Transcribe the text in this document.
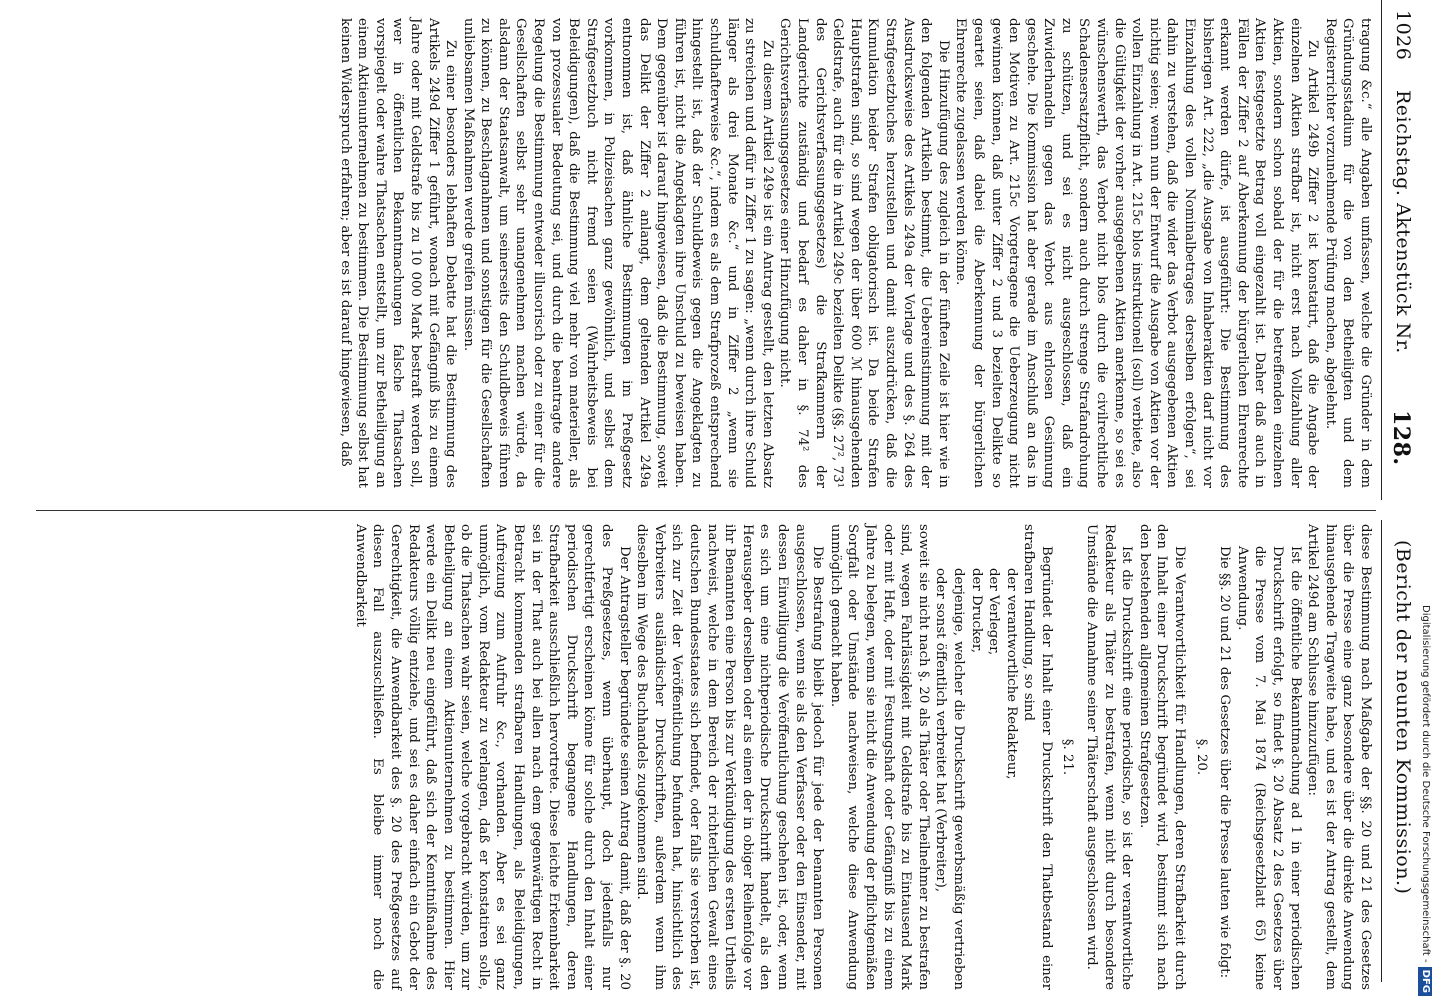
1026
Reichstag. Aktenstück Nr.
128.
(Bericht der neunten Kommission.)

tragung &c.“ alle Angaben umfassen, welche die Gründer in dem Gründungsstadium für die von den Betheiligten und dem Registerrichter vorzunehmende Prüfung machen, abgelehnt.

Zu Artikel 249b Ziffer 2 ist konstatirt, daß die Angabe der einzelnen Aktien strafbar ist, nicht erst nach Vollzahlung aller Aktien, sondern schon sobald der für die betreffenden einzelnen Aktien festgesetzte Betrag voll eingezahlt ist. Daher daß auch in Fällen der Ziffer 2 auf Aberkennung der bürgerlichen Ehrenrechte erkannt werden dürfe, ist ausgeführt: Die Bestimmung des bisherigen Art. 222, „die Ausgabe von Inhaberaktien darf nicht vor Einzahlung des vollen Nominalbetrages derselben erfolgen“, sei dahin zu verstehen, daß die wider das Verbot ausgegebenen Aktien nichtig seien; wenn nun der Entwurf die Ausgabe von Aktien vor der vollen Einzahlung in Art. 215c blos instruktionell (soll) verbiete, also die Gültigkeit der vorher ausgegebenen Aktien anerkenne, so sei es wünschenswerth, das Verbot nicht blos durch die civilrechtliche Schadensersatzpflicht, sondern auch durch strenge Strafandrohung zu schützen, und sei es nicht ausgeschlossen, daß ein Zuwiderhandeln gegen das Verbot aus ehrlosen Gesinnung geschehe. Die Kommission hat aber gerade im Anschluß an das in den Motiven zu Art. 215c Vorgetragene die Ueberzeugung nicht gewinnen können, daß unter Ziffer 2 und 3 bezielten Delikte so geartet seien, daß dabei die Aberkennung der bürgerlichen Ehrenrechte zugelassen werden könne.

Die Hinzufügung des zugleich in der fünften Zeile ist hier wie in den folgenden Artikeln bestimmt, die Uebereinstimmung mit der Ausdrucksweise des Artikels 249a der Vorlage und des §. 264 des Strafgesetzbuches herzustellen und damit auszudrücken, daß die Kumulation beider Strafen obligatorisch ist. Da beide Strafen Hauptstrafen sind, so sind wegen der über 600 ℳ hinausgehenden Geldstrafe, auch für die in Artikel 249c bezielten Delikte (§§. 27², 73¹ des Gerichtsverfassungsgesetzes) die Strafkammern der Landgerichte zuständig und bedarf es daher in §. 74² des Gerichtsverfassungsgesetzes einer Hinzufügung nicht.

Zu diesem Artikel 249e ist ein Antrag gestellt, den letzten Absatz zu streichen und dafür in Ziffer 1 zu sagen: „wenn durch ihre Schuld länger als drei Monate &c.“ und in Ziffer 2 „wenn sie schuldhafterweise &c.“, indem es als dem Strafprozeß entsprechend hingestellt ist, daß der Schuldbeweis gegen die Angeklagten zu führen ist, nicht die Angeklagten ihre Unschuld zu beweisen haben. Dem gegenüber ist darauf hingewiesen, daß die Bestimmung, soweit das Delikt der Ziffer 2 anlangt, dem geltenden Artikel 249a entnommen ist, daß ähnliche Bestimmungen im Preßgesetz vorkommen, in Polizeisachen ganz gewöhnlich, und selbst dem Strafgesetzbuch nicht fremd seien (Wahrheitsbeweis bei Beleidigungen), daß die Bestimmung viel mehr von materieller, als von prozessualer Bedeutung sei, und durch die beantragte andere Regelung die Bestimmung entweder illusorisch oder zu einer für die Gesellschaften selbst sehr unangenehmen machen würde, da alsdann der Staatsanwalt, um seinerseits den Schuldbeweis führen zu können, zu Beschlagnahmen und sonstigen für die Gesellschaften unliebsamen Maßnahmen werde greifen müssen.

Zu einer besonders lebhaften Debatte hat die Bestimmung des Artikels 249d Ziffer 1 geführt, wonach mit Gefängniß bis zu einem Jahre oder mit Geldstrafe bis zu 10 000 Mark bestraft werden soll, wer in öffentlichen Bekanntmachungen falsche Thatsachen vorspiegelt oder wahre Thatsachen entstellt, um zur Betheiligung an einem Aktienunternehmen zu bestimmen. Die Bestimmung selbst hat keinen Widerspruch erfahren; aber es ist darauf hingewiesen, daß

diese Bestimmung nach Maßgabe der §§. 20 und 21 des Gesetzes über die Presse eine ganz besondere über die direkte Anwendung hinausgehende Tragweite habe, und es ist der Antrag gestellt, dem Artikel 249d am Schlusse hinzuzufügen:

Ist die öffentliche Bekanntmachung ad 1 in einer periodischen Druckschrift erfolgt, so findet §. 20 Absatz 2 des Gesetzes über die Presse vom 7. Mai 1874 (Reichsgesetzblatt 65) keine Anwendung.

Die §§. 20 und 21 des Gesetzes über die Presse lauten wie folgt:

§. 20.

Die Verantwortlichkeit für Handlungen, deren Strafbarkeit durch den Inhalt einer Druckschrift begründet wird, bestimmt sich nach den bestehenden allgemeinen Strafgesetzen.

Ist die Druckschrift eine periodische, so ist der verantwortliche Redakteur als Thäter zu bestrafen, wenn nicht durch besondere Umstände die Annahme seiner Thäterschaft ausgeschlossen wird.

§. 21.

Begründet der Inhalt einer Druckschrift den Thatbestand einer strafbaren Handlung, so sind

der verantwortliche Redakteur,

der Verleger,

der Drucker,

derjenige, welcher die Druckschrift gewerbsmäßig vertrieben oder sonst öffentlich verbreitet hat (Verbreiter),

soweit sie nicht nach §. 20 als Thäter oder Theilnehmer zu bestrafen sind, wegen Fahrlässigkeit mit Geldstrafe bis zu Eintausend Mark oder mit Haft, oder mit Festungshaft oder Gefängniß bis zu einem Jahre zu belegen, wenn sie nicht die Anwendung der pflichtgemäßen Sorgfalt oder Umstände nachweisen, welche diese Anwendung unmöglich gemacht haben.

Die Bestrafung bleibt jedoch für jede der benannten Personen ausgeschlossen, wenn sie als den Verfasser oder den Einsender, mit dessen Einwilligung die Veröffentlichung geschehen ist, oder, wenn es sich um eine nichtperiodische Druckschrift handelt, als den Herausgeber derselben oder als einen der in obiger Reihenfolge vor ihr Benannten eine Person bis zur Verkündigung des ersten Urtheils nachweist, welche in dem Bereich der richterlichen Gewalt eines deutschen Bundesstaates sich befindet, oder falls sie verstorben ist, sich zur Zeit der Veröffentlichung befunden hat, hinsichtlich des Verbreiters ausländischer Druckschriften, außerdem wenn ihm dieselben im Wege des Buchhandels zugekommen sind.

Der Antragsteller begründete seinen Antrag damit, daß der §. 20 des Preßgesetzes, wenn überhaupt, doch jedenfalls nur gerechtfertigt erscheinen könne für solche durch den Inhalt einer periodischen Druckschrift begangene Handlungen, deren Strafbarkeit ausschließlich hervortrete. Diese leichte Erkennbarkeit sei in der That auch bei allen nach dem gegenwärtigen Recht in Betracht kommenden strafbaren Handlungen, als Beleidigungen, Aufreizung zum Aufruhr &c., vorhanden. Aber es sei ganz unmöglich, vom Redakteur zu verlangen, daß er konstatiren solle, ob die Thatsachen wahr seien, welche vorgebracht würden, um zur Betheiligung an einem Aktienunternehmen zu bestimmen. Hier werde ein Delikt neu eingeführt, daß sich der Kenntnißnahme des Redakteurs völlig entziehe, und sei es daher einfach ein Gebot der Gerechtigkeit, die Anwendbarkeit des §. 20 des Preßgesetzes auf diesen Fall auszuschließen. Es bleibe immer noch die Anwendbarkeit

Digitalisierung gefördert durch die Deutsche Forschungsgemeinschaft -DFG
